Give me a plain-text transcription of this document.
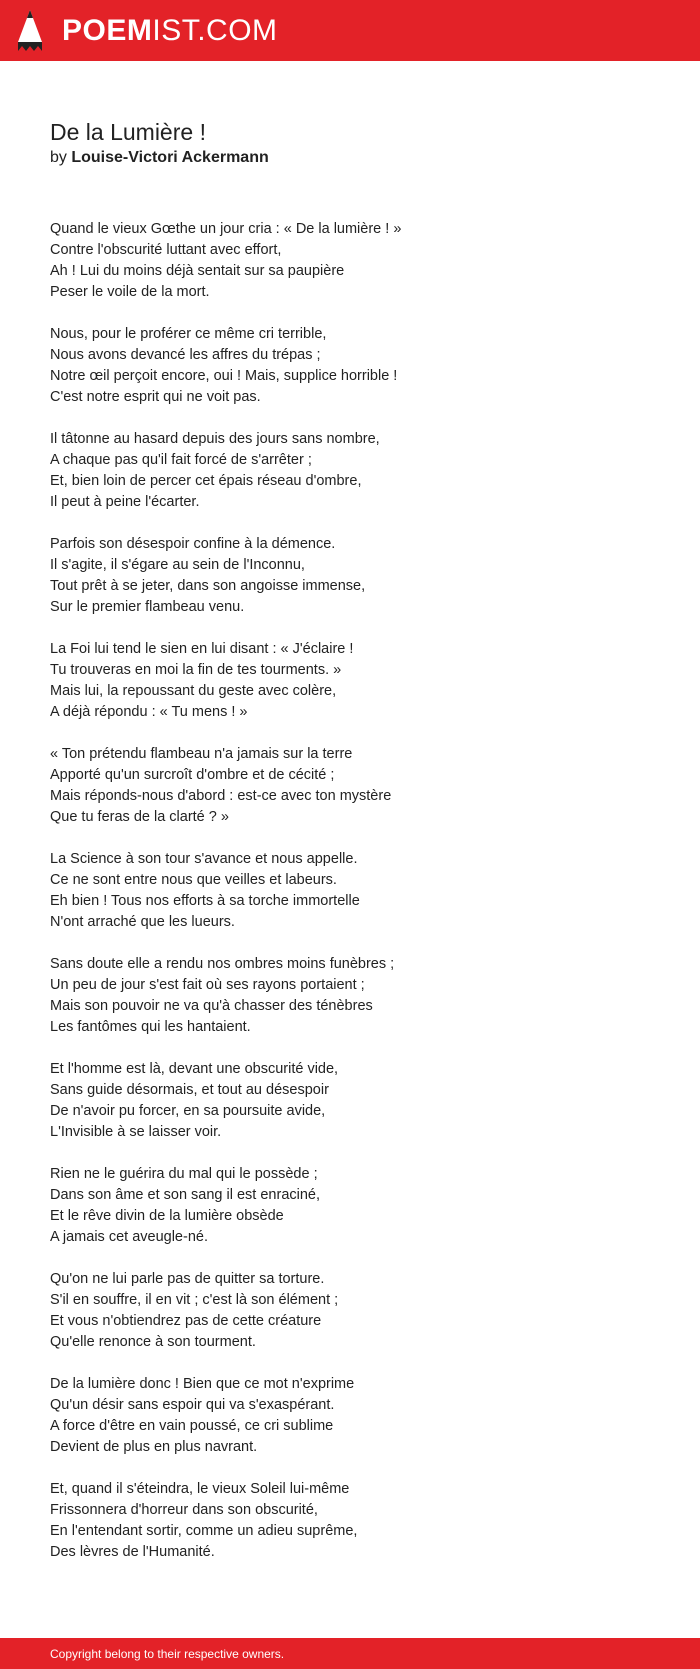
POEMIST.COM
De la Lumière !
by Louise-Victori Ackermann
Quand le vieux Gœthe un jour cria : « De la lumière ! »
Contre l'obscurité luttant avec effort,
Ah ! Lui du moins déjà sentait sur sa paupière
Peser le voile de la mort.
Nous, pour le proférer ce même cri terrible,
Nous avons devancé les affres du trépas ;
Notre œil perçoit encore, oui ! Mais, supplice horrible !
C'est notre esprit qui ne voit pas.
Il tâtonne au hasard depuis des jours sans nombre,
A chaque pas qu'il fait forcé de s'arrêter ;
Et, bien loin de percer cet épais réseau d'ombre,
Il peut à peine l'écarter.
Parfois son désespoir confine à la démence.
Il s'agite, il s'égare au sein de l'Inconnu,
Tout prêt à se jeter, dans son angoisse immense,
Sur le premier flambeau venu.
La Foi lui tend le sien en lui disant : « J'éclaire !
Tu trouveras en moi la fin de tes tourments. »
Mais lui, la repoussant du geste avec colère,
A déjà répondu : « Tu mens ! »
« Ton prétendu flambeau n'a jamais sur la terre
Apporté qu'un surcroît d'ombre et de cécité ;
Mais réponds-nous d'abord : est-ce avec ton mystère
Que tu feras de la clarté ? »
La Science à son tour s'avance et nous appelle.
Ce ne sont entre nous que veilles et labeurs.
Eh bien ! Tous nos efforts à sa torche immortelle
N'ont arraché que les lueurs.
Sans doute elle a rendu nos ombres moins funèbres ;
Un peu de jour s'est fait où ses rayons portaient ;
Mais son pouvoir ne va qu'à chasser des ténèbres
Les fantômes qui les hantaient.
Et l'homme est là, devant une obscurité vide,
Sans guide désormais, et tout au désespoir
De n'avoir pu forcer, en sa poursuite avide,
L'Invisible à se laisser voir.
Rien ne le guérira du mal qui le possède ;
Dans son âme et son sang il est enraciné,
Et le rêve divin de la lumière obsède
A jamais cet aveugle-né.
Qu'on ne lui parle pas de quitter sa torture.
S'il en souffre, il en vit ; c'est là son élément ;
Et vous n'obtiendrez pas de cette créature
Qu'elle renonce à son tourment.
De la lumière donc ! Bien que ce mot n'exprime
Qu'un désir sans espoir qui va s'exaspérant.
A force d'être en vain poussé, ce cri sublime
Devient de plus en plus navrant.
Et, quand il s'éteindra, le vieux Soleil lui-même
Frissonnera d'horreur dans son obscurité,
En l'entendant sortir, comme un adieu suprême,
Des lèvres de l'Humanité.
Copyright belong to their respective owners.
